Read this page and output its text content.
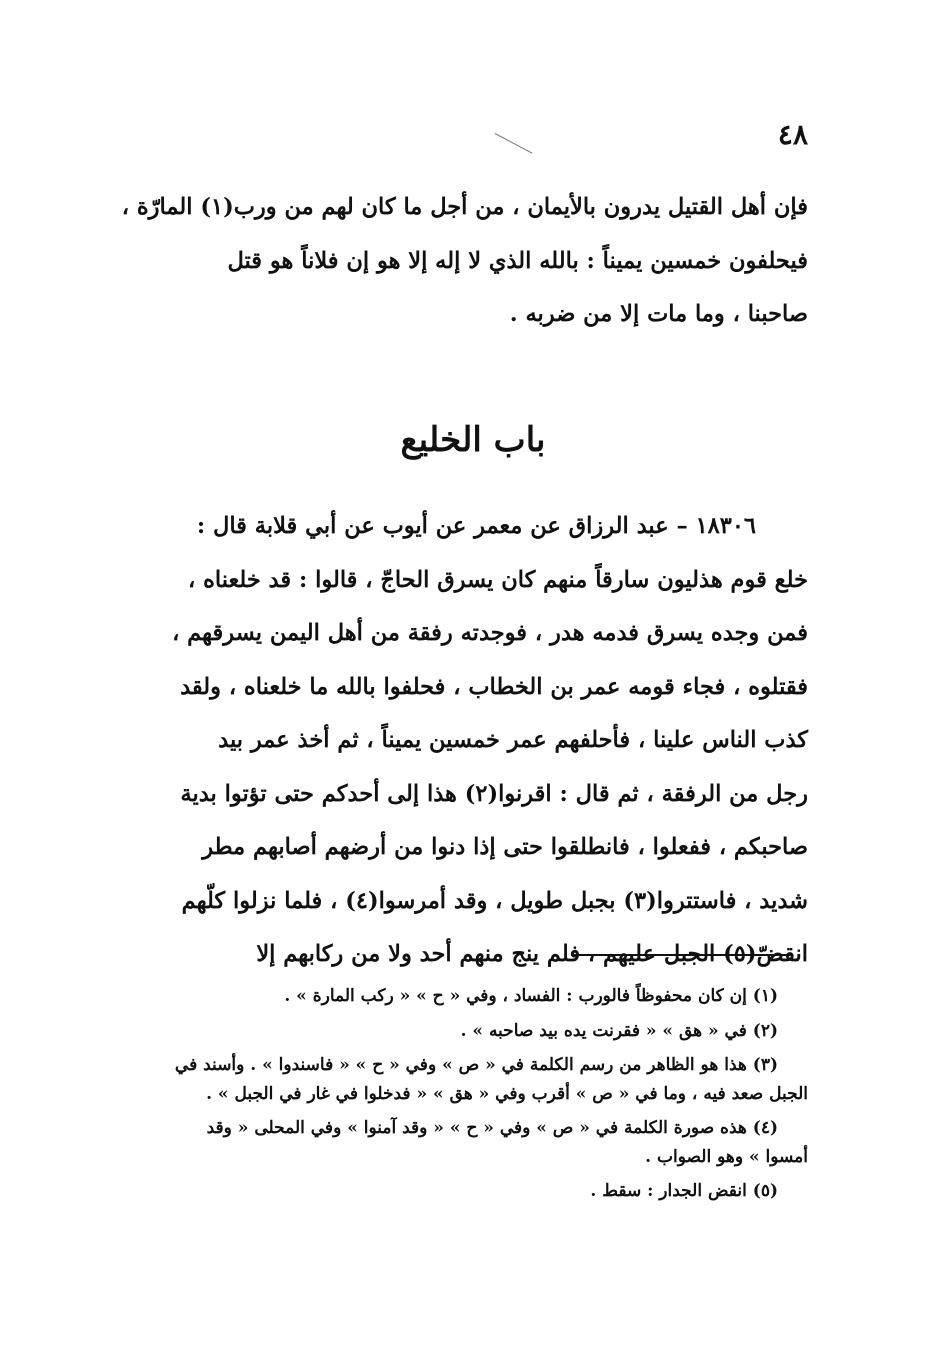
٤٨

فإن أهل القتيل يدرون بالأيمان ، من أجل ما كان لهم من ورب(١) المارّة ،
فيحلفون خمسين يميناً : بالله الذي لا إله إلا هو إن فلاناً هو قتل
صاحبنا ، وما مات إلا من ضربه .

باب الخليع

١٨٣٠٦ – عبد الرزاق عن معمر عن أيوب عن أبي قلابة قال :
خلع قوم هذليون سارقاً منهم كان يسرق الحاجّ ، قالوا : قد خلعناه ،
فمن وجده يسرق فدمه هدر ، فوجدته رفقة من أهل اليمن يسرقهم ،
فقتلوه ، فجاء قومه عمر بن الخطاب ، فحلفوا بالله ما خلعناه ، ولقد
كذب الناس علينا ، فأحلفهم عمر خمسين يميناً ، ثم أخذ عمر بيد
رجل من الرفقة ، ثم قال : اقرنوا(٢) هذا إلى أحدكم حتى تؤتوا بدية
صاحبكم ، ففعلوا ، فانطلقوا حتى إذا دنوا من أرضهم أصابهم مطر
شديد ، فاستتروا(٣) بجبل طويل ، وقد أمرسوا(٤) ، فلما نزلوا كلّهم
انقضّ(٥) الجبل عليهم ، فلم ينج منهم أحد ولا من ركابهم إلا

(١) إن كان محفوظاً فالورب : الفساد ، وفي « ح » « ركب المارة » .
(٢) في « هق » « فقرنت يده بيد صاحبه » .
(٣) هذا هو الظاهر من رسم الكلمة في « ص » وفي « ح » « فاسندوا » . وأسند في
الجبل صعد فيه ، وما في « ص » أقرب وفي « هق » « فدخلوا في غار في الجبل » .
(٤) هذه صورة الكلمة في « ص » وفي « ح » « وقد آمنوا » وفي المحلى « وقد
أمسوا » وهو الصواب .
(٥) انقض الجدار : سقط .
